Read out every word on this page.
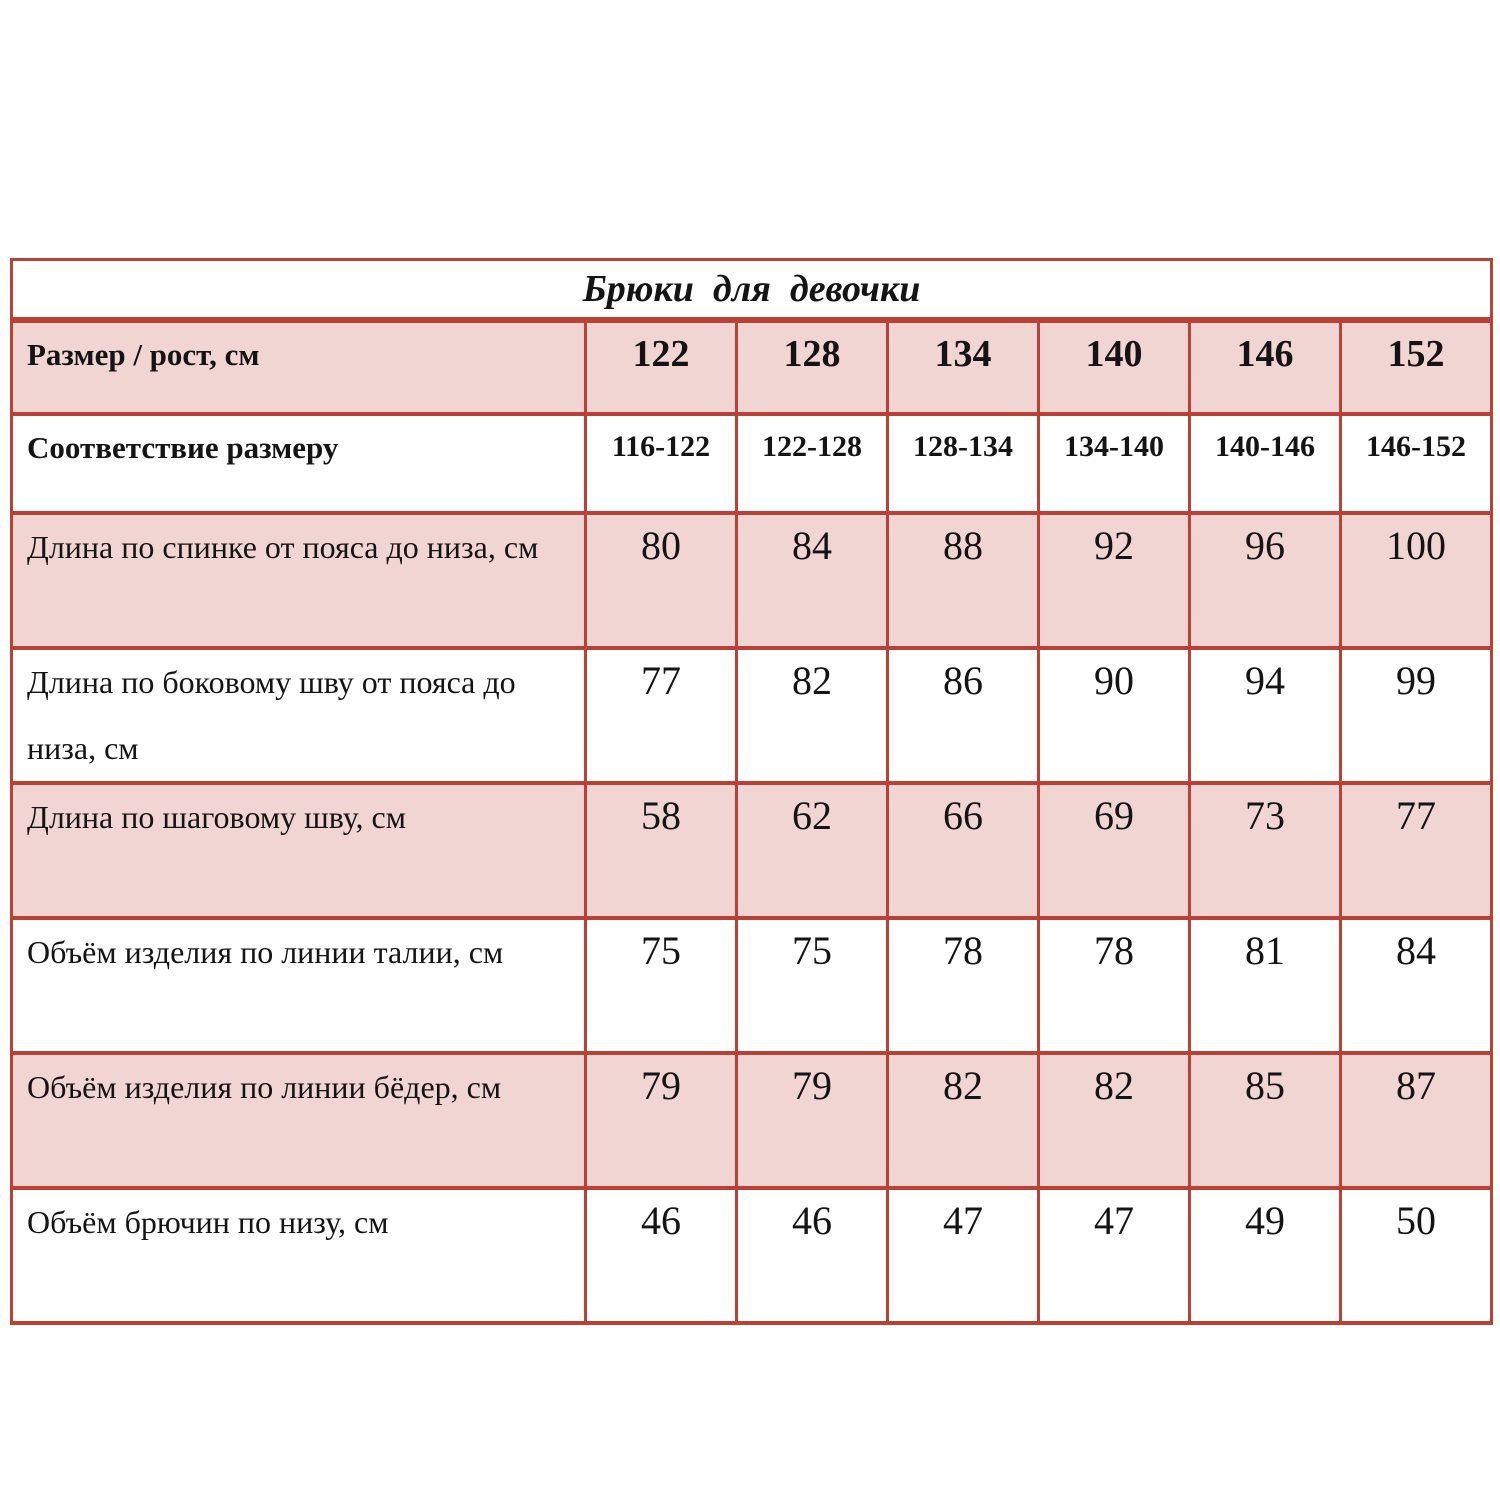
Брюки  для  девочки						
Размер / рост, см	122	128	134	140	146	152
Соответствие размеру	116-122	122-128	128-134	134-140	140-146	146-152
Длина по спинке от пояса до низа, см	80	84	88	92	96	100
Длина по боковому шву от пояса до низа, см	77	82	86	90	94	99
Длина по шаговому шву, см	58	62	66	69	73	77
Объём изделия по линии талии, см	75	75	78	78	81	84
Объём изделия по линии бёдер, см	79	79	82	82	85	87
Объём брючин по низу, см	46	46	47	47	49	50
